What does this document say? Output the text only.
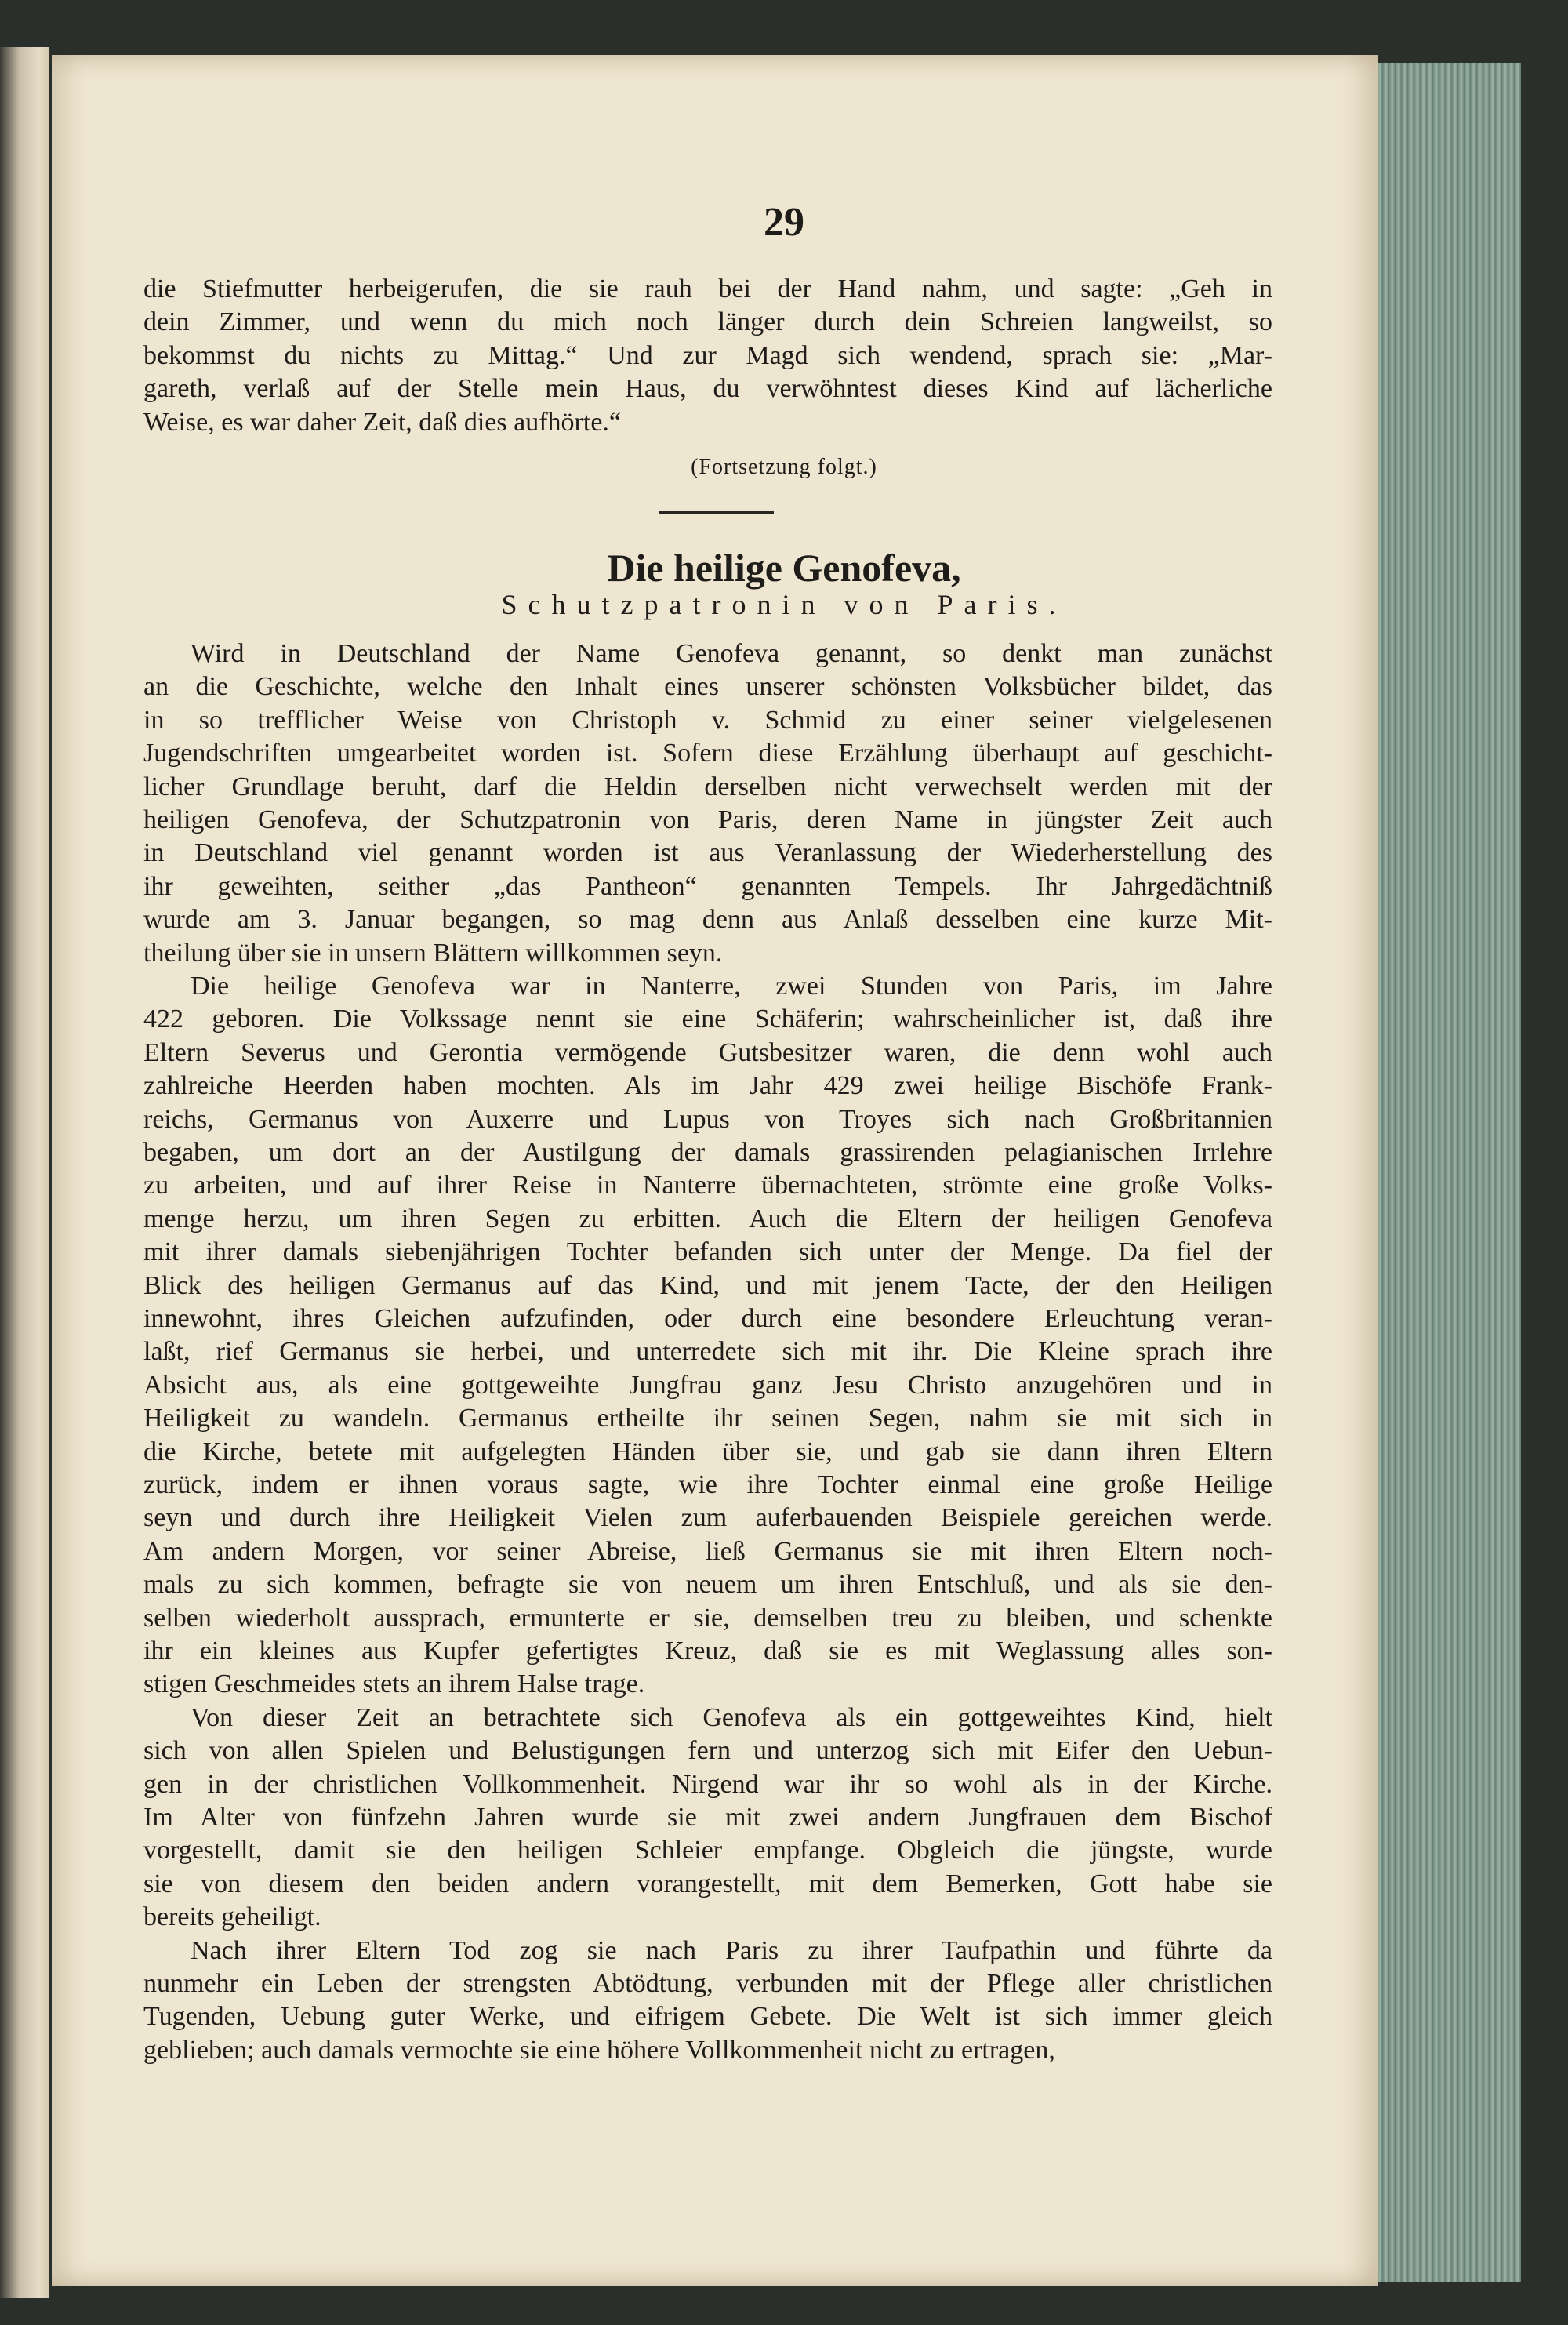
29
die Stiefmutter herbeigerufen, die sie rauh bei der Hand nahm, und sagte: „Geh in
dein Zimmer, und wenn du mich noch länger durch dein Schreien langweilst, so
bekommst du nichts zu Mittag.“ Und zur Magd sich wendend, sprach sie: „Mar-
gareth, verlaß auf der Stelle mein Haus, du verwöhntest dieses Kind auf lächerliche
Weise, es war daher Zeit, daß dies aufhörte.“
(Fortsetzung folgt.)
Die heilige Genofeva,
Schutzpatronin von Paris.
Wird in Deutschland der Name Genofeva genannt, so denkt man zunächst
an die Geschichte, welche den Inhalt eines unserer schönsten Volksbücher bildet, das
in so trefflicher Weise von Christoph v. Schmid zu einer seiner vielgelesenen
Jugendschriften umgearbeitet worden ist. Sofern diese Erzählung überhaupt auf geschicht-
licher Grundlage beruht, darf die Heldin derselben nicht verwechselt werden mit der
heiligen Genofeva, der Schutzpatronin von Paris, deren Name in jüngster Zeit auch
in Deutschland viel genannt worden ist aus Veranlassung der Wiederherstellung des
ihr geweihten, seither „das Pantheon“ genannten Tempels. Ihr Jahrgedächtniß
wurde am 3. Januar begangen, so mag denn aus Anlaß desselben eine kurze Mit-
theilung über sie in unsern Blättern willkommen seyn.
Die heilige Genofeva war in Nanterre, zwei Stunden von Paris, im Jahre
422 geboren. Die Volkssage nennt sie eine Schäferin; wahrscheinlicher ist, daß ihre
Eltern Severus und Gerontia vermögende Gutsbesitzer waren, die denn wohl auch
zahlreiche Heerden haben mochten. Als im Jahr 429 zwei heilige Bischöfe Frank-
reichs, Germanus von Auxerre und Lupus von Troyes sich nach Großbritannien
begaben, um dort an der Austilgung der damals grassirenden pelagianischen Irrlehre
zu arbeiten, und auf ihrer Reise in Nanterre übernachteten, strömte eine große Volks-
menge herzu, um ihren Segen zu erbitten. Auch die Eltern der heiligen Genofeva
mit ihrer damals siebenjährigen Tochter befanden sich unter der Menge. Da fiel der
Blick des heiligen Germanus auf das Kind, und mit jenem Tacte, der den Heiligen
innewohnt, ihres Gleichen aufzufinden, oder durch eine besondere Erleuchtung veran-
laßt, rief Germanus sie herbei, und unterredete sich mit ihr. Die Kleine sprach ihre
Absicht aus, als eine gottgeweihte Jungfrau ganz Jesu Christo anzugehören und in
Heiligkeit zu wandeln. Germanus ertheilte ihr seinen Segen, nahm sie mit sich in
die Kirche, betete mit aufgelegten Händen über sie, und gab sie dann ihren Eltern
zurück, indem er ihnen voraus sagte, wie ihre Tochter einmal eine große Heilige
seyn und durch ihre Heiligkeit Vielen zum auferbauenden Beispiele gereichen werde.
Am andern Morgen, vor seiner Abreise, ließ Germanus sie mit ihren Eltern noch-
mals zu sich kommen, befragte sie von neuem um ihren Entschluß, und als sie den-
selben wiederholt aussprach, ermunterte er sie, demselben treu zu bleiben, und schenkte
ihr ein kleines aus Kupfer gefertigtes Kreuz, daß sie es mit Weglassung alles son-
stigen Geschmeides stets an ihrem Halse trage.
Von dieser Zeit an betrachtete sich Genofeva als ein gottgeweihtes Kind, hielt
sich von allen Spielen und Belustigungen fern und unterzog sich mit Eifer den Uebun-
gen in der christlichen Vollkommenheit. Nirgend war ihr so wohl als in der Kirche.
Im Alter von fünfzehn Jahren wurde sie mit zwei andern Jungfrauen dem Bischof
vorgestellt, damit sie den heiligen Schleier empfange. Obgleich die jüngste, wurde
sie von diesem den beiden andern vorangestellt, mit dem Bemerken, Gott habe sie
bereits geheiligt.
Nach ihrer Eltern Tod zog sie nach Paris zu ihrer Taufpathin und führte da
nunmehr ein Leben der strengsten Abtödtung, verbunden mit der Pflege aller christlichen
Tugenden, Uebung guter Werke, und eifrigem Gebete. Die Welt ist sich immer gleich
geblieben; auch damals vermochte sie eine höhere Vollkommenheit nicht zu ertragen,
